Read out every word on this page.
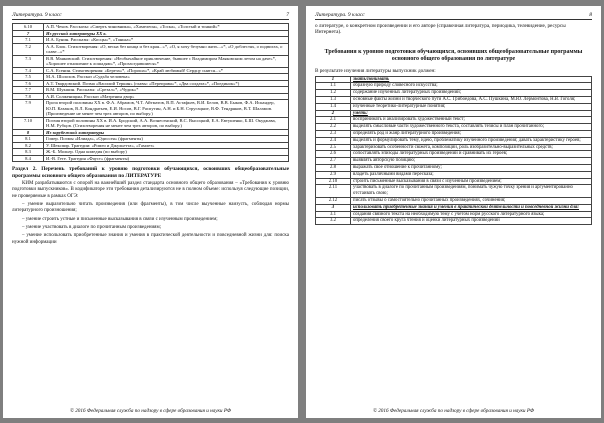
Литература. 9 класс	7
6.10	А.П. Чехов. Рассказы: «Смерть чиновника», «Хамелеон», «Тоска», «Толстый и тонкий»*
7	Из русской литературы XX в.
7.1	И.А. Бунин. Рассказы: «Косцы»*, «Танька»*
7.2	А.А. Блок. Стихотворения: «О, весна без конца и без края...»*, «О, я хочу безумно жить...»*, «О доблестях, о подвигах, о славе...»*
7.3	В.В. Маяковский. Стихотворения: «Необычайное приключение, бывшее с Владимиром Маяковским летом на даче»*, «Хорошее отношение к лошадям»*, «Прозаседавшиеся»*
7.4	С.А. Есенин. Стихотворения: «Береза»*, «Пороша»*, «Край любимый! Сердцу снятся...»*
7.5	М.А. Шолохов. Рассказ «Судьба человека»
7.6	А.Т. Твардовский. Поэма «Василий Теркин» (главы: «Переправа»*, «Два солдата»*, «Поединок»*)
7.7	В.М. Шукшин. Рассказы: «Срезал»*, «Чудик»*
7.8	А.И. Солженицын. Рассказ «Матренин двор»
7.9	Проза второй половины XX в. Ф.А. Абрамов, Ч.Т. Айтматов, В.П. Астафьев, В.И. Белов, В.В. Быков, Ф.А. Искандер, Ю.П. Казаков, В.Л. Кондратьев, Е.И. Носов, В.Г. Распутин, А.Н. и Б.Н. Стругацкие, В.Ф. Тендряков, В.Т. Шаламов. (Произведение не менее чем трех авторов, по выбору.)
7.10	Поэзия второй половины XX в. И.А. Бродский, А.А. Вознесенский, В.С. Высоцкий, Е.А. Евтушенко, Б.Ш. Окуджава, Н.М. Рубцов. (Стихотворения не менее чем трех авторов, по выбору.)
8	Из зарубежной литературы
8.1	Гомер. Поэмы «Илиада», «Одиссея» (фрагменты)
8.2	У. Шекспир. Трагедии: «Ромео и Джульетта», «Гамлет»
8.3	Ж.-Б. Мольер. Одна комедия (по выбору)
8.4	И.-В. Гете. Трагедия «Фауст» (фрагменты)
Раздел 2. Перечень требований к уровню подготовки обучающихся, освоивших общеобразовательные программы основного общего образования по ЛИТЕРАТУРЕ
КИМ разрабатываются с опорой на важнейший раздел стандарта основного общего образования – «Требования к уровню подготовки выпускников». В кодификаторе эти требования детализируются не в полном объеме: используя следующие позиции, не проверяемые в рамках ОГЭ:
– умение выразительно читать произведения (или фрагменты), в том числе выученные наизусть, соблюдая нормы литературного произношения;
– умение строить устные и письменные высказывания в связи с изученным произведением;
– умение участвовать в диалоге по прочитанным произведениям;
– умение использовать приобретенные знания и умения в практической деятельности и повседневной жизни для: поиска нужной информации
© 2016 Федеральная служба по надзору в сфере образования и науки РФ
Литература. 9 класс	8
о литературе, о конкретном произведении и его авторе (справочная литература, периодика, телевидение, ресурсы Интернета).
Требования к уровню подготовки обучающихся, освоивших общеобразовательные программы основного общего образования по литературе
В результате изучения литературы выпускник должен:
1	знать/понимать
1.1	образную природу словесного искусства;
1.2	содержание изученных литературных произведений;
1.3	основные факты жизни и творческого пути А.С. Грибоедова, А.С. Пушкина, М.Ю. Лермонтова, Н.В. Гоголя;
1.4	изученные теоретико-литературные понятия;
2	уметь:
2.1	воспринимать и анализировать художественный текст;
2.2	выделять смысловые части художественного текста, составлять тезисы и план прочитанного;
2.3	определять род и жанр литературного произведения;
2.4	выделять и формулировать тему, идею, проблематику изученного произведения; давать характеристику героев;
2.5	характеризовать особенности сюжета, композиции, роль изобразительно-выразительных средств;
2.6	сопоставлять эпизоды литературных произведений и сравнивать их героев;
2.7	выявлять авторскую позицию;
2.8	выражать свое отношение к прочитанному;
2.9	владеть различными видами пересказа;
2.10	строить письменные высказывания в связи с изученным произведением;
2.11	участвовать в диалоге по прочитанным произведениям, понимать чужую точку зрения и аргументированно отстаивать свою;
2.12	писать отзывы о самостоятельно прочитанных произведениях, сочинения;
3	использовать приобретенные знания и умения в практической деятельности и повседневной жизни для:
3.1	создания связного текста на необходимую тему с учетом норм русского литературного языка;
3.2	определения своего круга чтения и оценки литературных произведений
© 2016 Федеральная служба по надзору в сфере образования и науки РФ
